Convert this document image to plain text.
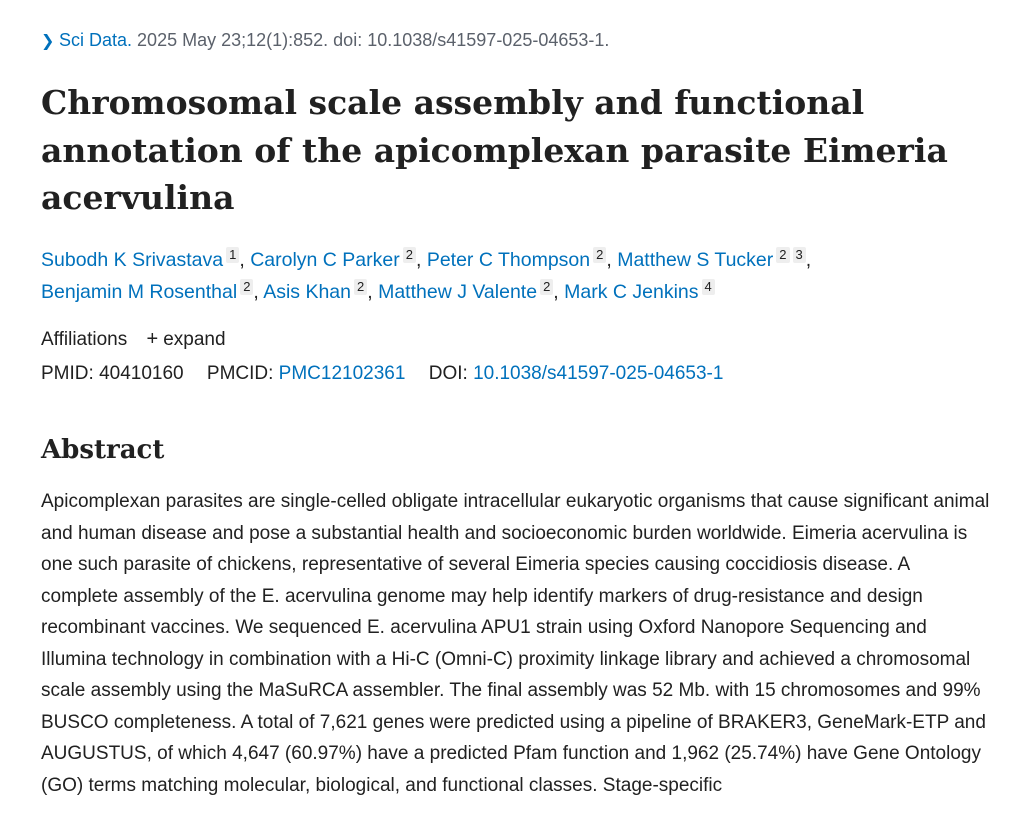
❯ Sci Data. 2025 May 23;12(1):852. doi: 10.1038/s41597-025-04653-1.
Chromosomal scale assembly and functional annotation of the apicomplexan parasite Eimeria acervulina
Subodh K Srivastava 1 , Carolyn C Parker 2 , Peter C Thompson 2 , Matthew S Tucker 2 3 , Benjamin M Rosenthal 2 , Asis Khan 2 , Matthew J Valente 2 , Mark C Jenkins 4
Affiliations + expand
PMID: 40410160 PMCID: PMC12102361 DOI: 10.1038/s41597-025-04653-1
Abstract

Apicomplexan parasites are single-celled obligate intracellular eukaryotic organisms that cause significant animal and human disease and pose a substantial health and socioeconomic burden worldwide. Eimeria acervulina is one such parasite of chickens, representative of several Eimeria species causing coccidiosis disease. A complete assembly of the E. acervulina genome may help identify markers of drug-resistance and design recombinant vaccines. We sequenced E. acervulina APU1 strain using Oxford Nanopore Sequencing and Illumina technology in combination with a Hi-C (Omni-C) proximity linkage library and achieved a chromosomal scale assembly using the MaSuRCA assembler. The final assembly was 52 Mb. with 15 chromosomes and 99% BUSCO completeness. A total of 7,621 genes were predicted using a pipeline of BRAKER3, GeneMark-ETP and AUGUSTUS, of which 4,647 (60.97%) have a predicted Pfam function and 1,962 (25.74%) have Gene Ontology (GO) terms matching molecular, biological, and functional classes. Stage-specific
